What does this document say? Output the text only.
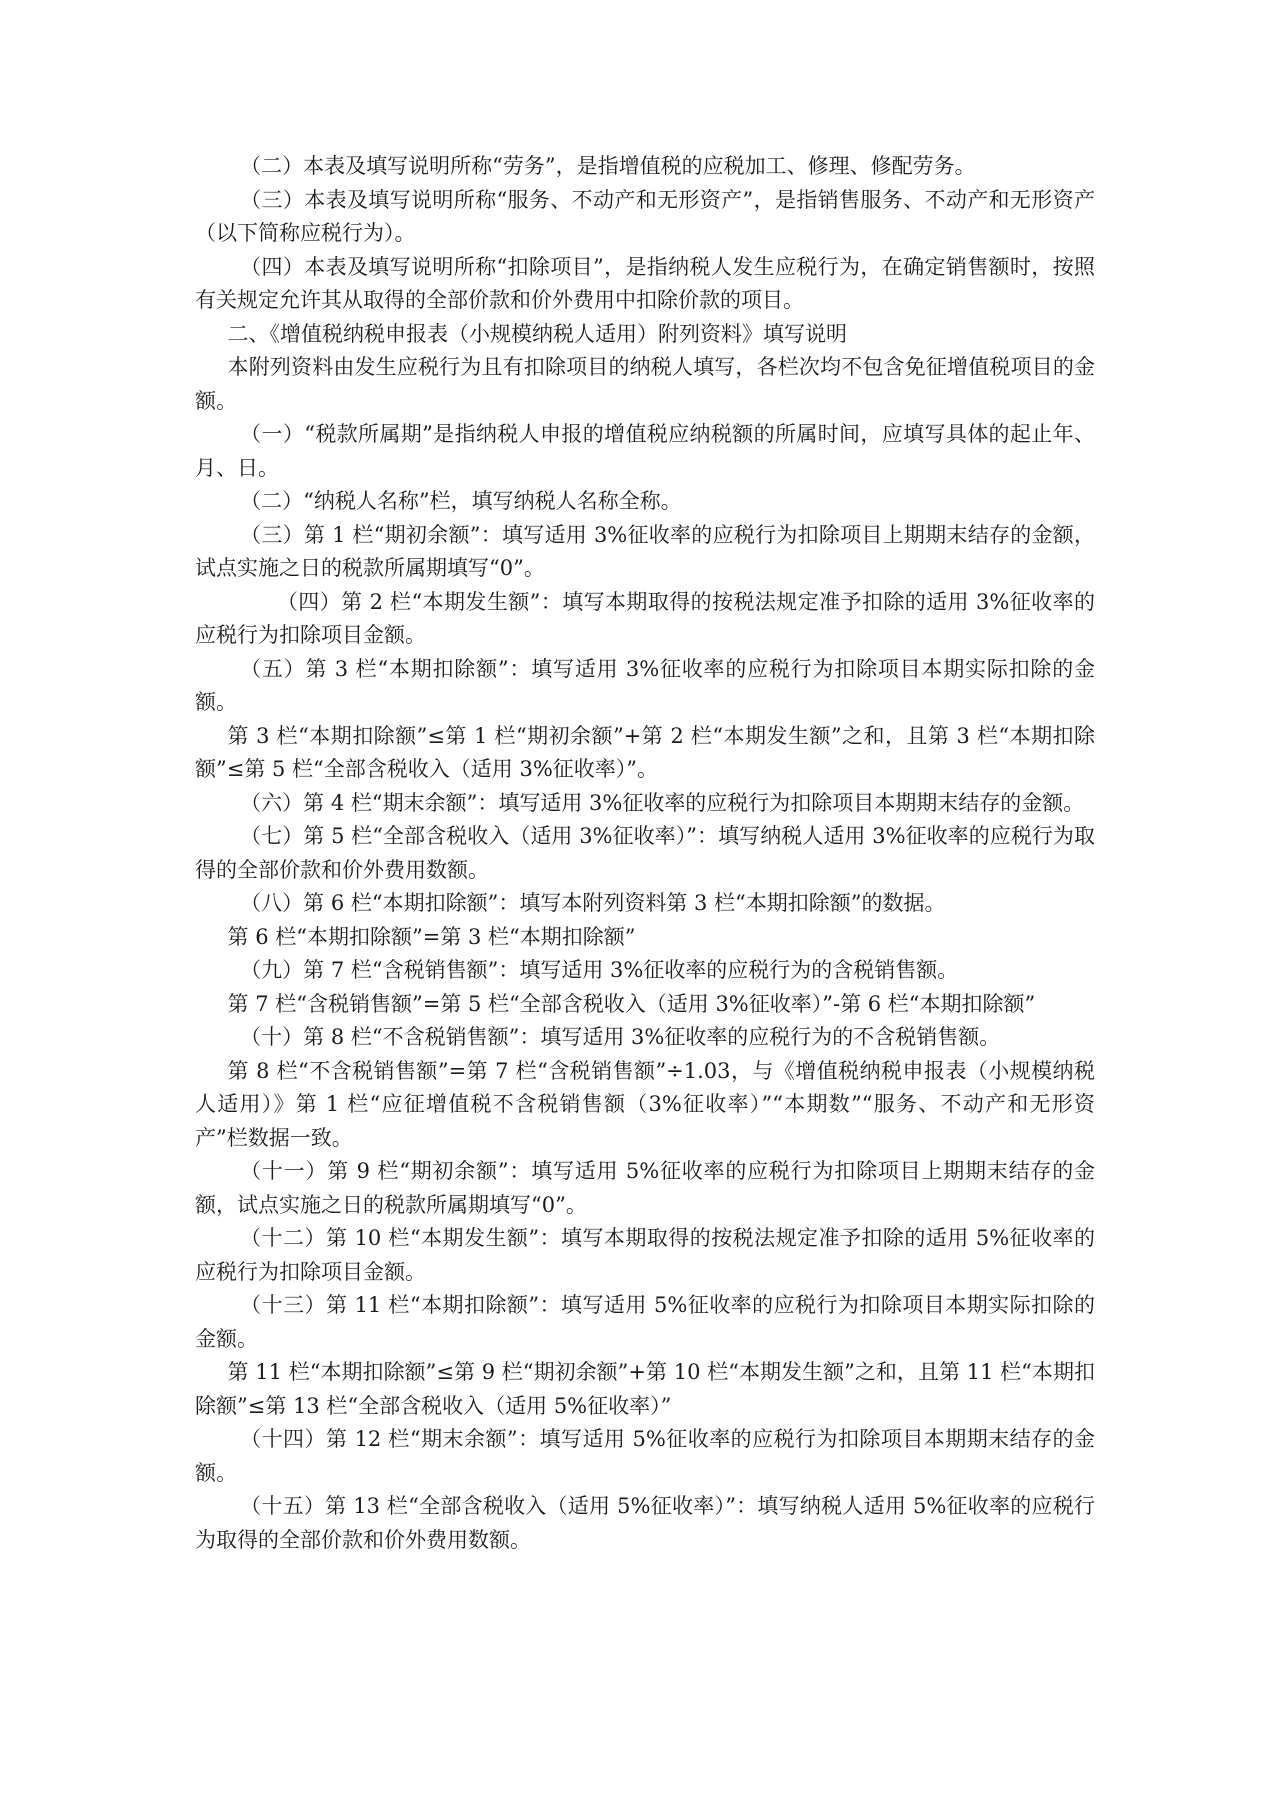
（二）本表及填写说明所称“劳务”，是指增值税的应税加工、修理、修配劳务。

（三）本表及填写说明所称“服务、不动产和无形资产”，是指销售服务、不动产和无形资产（以下简称应税行为）。

（四）本表及填写说明所称“扣除项目”，是指纳税人发生应税行为，在确定销售额时，按照有关规定允许其从取得的全部价款和价外费用中扣除价款的项目。

二、《增值税纳税申报表（小规模纳税人适用）附列资料》填写说明

本附列资料由发生应税行为且有扣除项目的纳税人填写，各栏次均不包含免征增值税项目的金额。

（一）“税款所属期”是指纳税人申报的增值税应纳税额的所属时间，应填写具体的起止年、月、日。

（二）“纳税人名称”栏，填写纳税人名称全称。

（三）第 1 栏“期初余额”：填写适用 3%征收率的应税行为扣除项目上期期末结存的金额，试点实施之日的税款所属期填写“0”。

（四）第 2 栏“本期发生额”：填写本期取得的按税法规定准予扣除的适用 3%征收率的应税行为扣除项目金额。

（五）第 3 栏“本期扣除额”：填写适用 3%征收率的应税行为扣除项目本期实际扣除的金额。

第 3 栏“本期扣除额”≤第 1 栏“期初余额”+第 2 栏“本期发生额”之和，且第 3 栏“本期扣除额”≤第 5 栏“全部含税收入（适用 3%征收率）”。

（六）第 4 栏“期末余额”：填写适用 3%征收率的应税行为扣除项目本期期末结存的金额。

（七）第 5 栏“全部含税收入（适用 3%征收率）”：填写纳税人适用 3%征收率的应税行为取得的全部价款和价外费用数额。

（八）第 6 栏“本期扣除额”：填写本附列资料第 3 栏“本期扣除额”的数据。

第 6 栏“本期扣除额”=第 3 栏“本期扣除额”

（九）第 7 栏“含税销售额”：填写适用 3%征收率的应税行为的含税销售额。

第 7 栏“含税销售额”=第 5 栏“全部含税收入（适用 3%征收率）”-第 6 栏“本期扣除额”

（十）第 8 栏“不含税销售额”：填写适用 3%征收率的应税行为的不含税销售额。

第 8 栏“不含税销售额”=第 7 栏“含税销售额”÷1.03，与《增值税纳税申报表（小规模纳税人适用）》第 1 栏“应征增值税不含税销售额（3%征收率）”“本期数”“服务、不动产和无形资产”栏数据一致。

（十一）第 9 栏“期初余额”：填写适用 5%征收率的应税行为扣除项目上期期末结存的金额，试点实施之日的税款所属期填写“0”。

（十二）第 10 栏“本期发生额”：填写本期取得的按税法规定准予扣除的适用 5%征收率的应税行为扣除项目金额。

（十三）第 11 栏“本期扣除额”：填写适用 5%征收率的应税行为扣除项目本期实际扣除的金额。

第 11 栏“本期扣除额”≤第 9 栏“期初余额”+第 10 栏“本期发生额”之和，且第 11 栏“本期扣除额”≤第 13 栏“全部含税收入（适用 5%征收率）”

（十四）第 12 栏“期末余额”：填写适用 5%征收率的应税行为扣除项目本期期末结存的金额。

（十五）第 13 栏“全部含税收入（适用 5%征收率）”：填写纳税人适用 5%征收率的应税行为取得的全部价款和价外费用数额。
